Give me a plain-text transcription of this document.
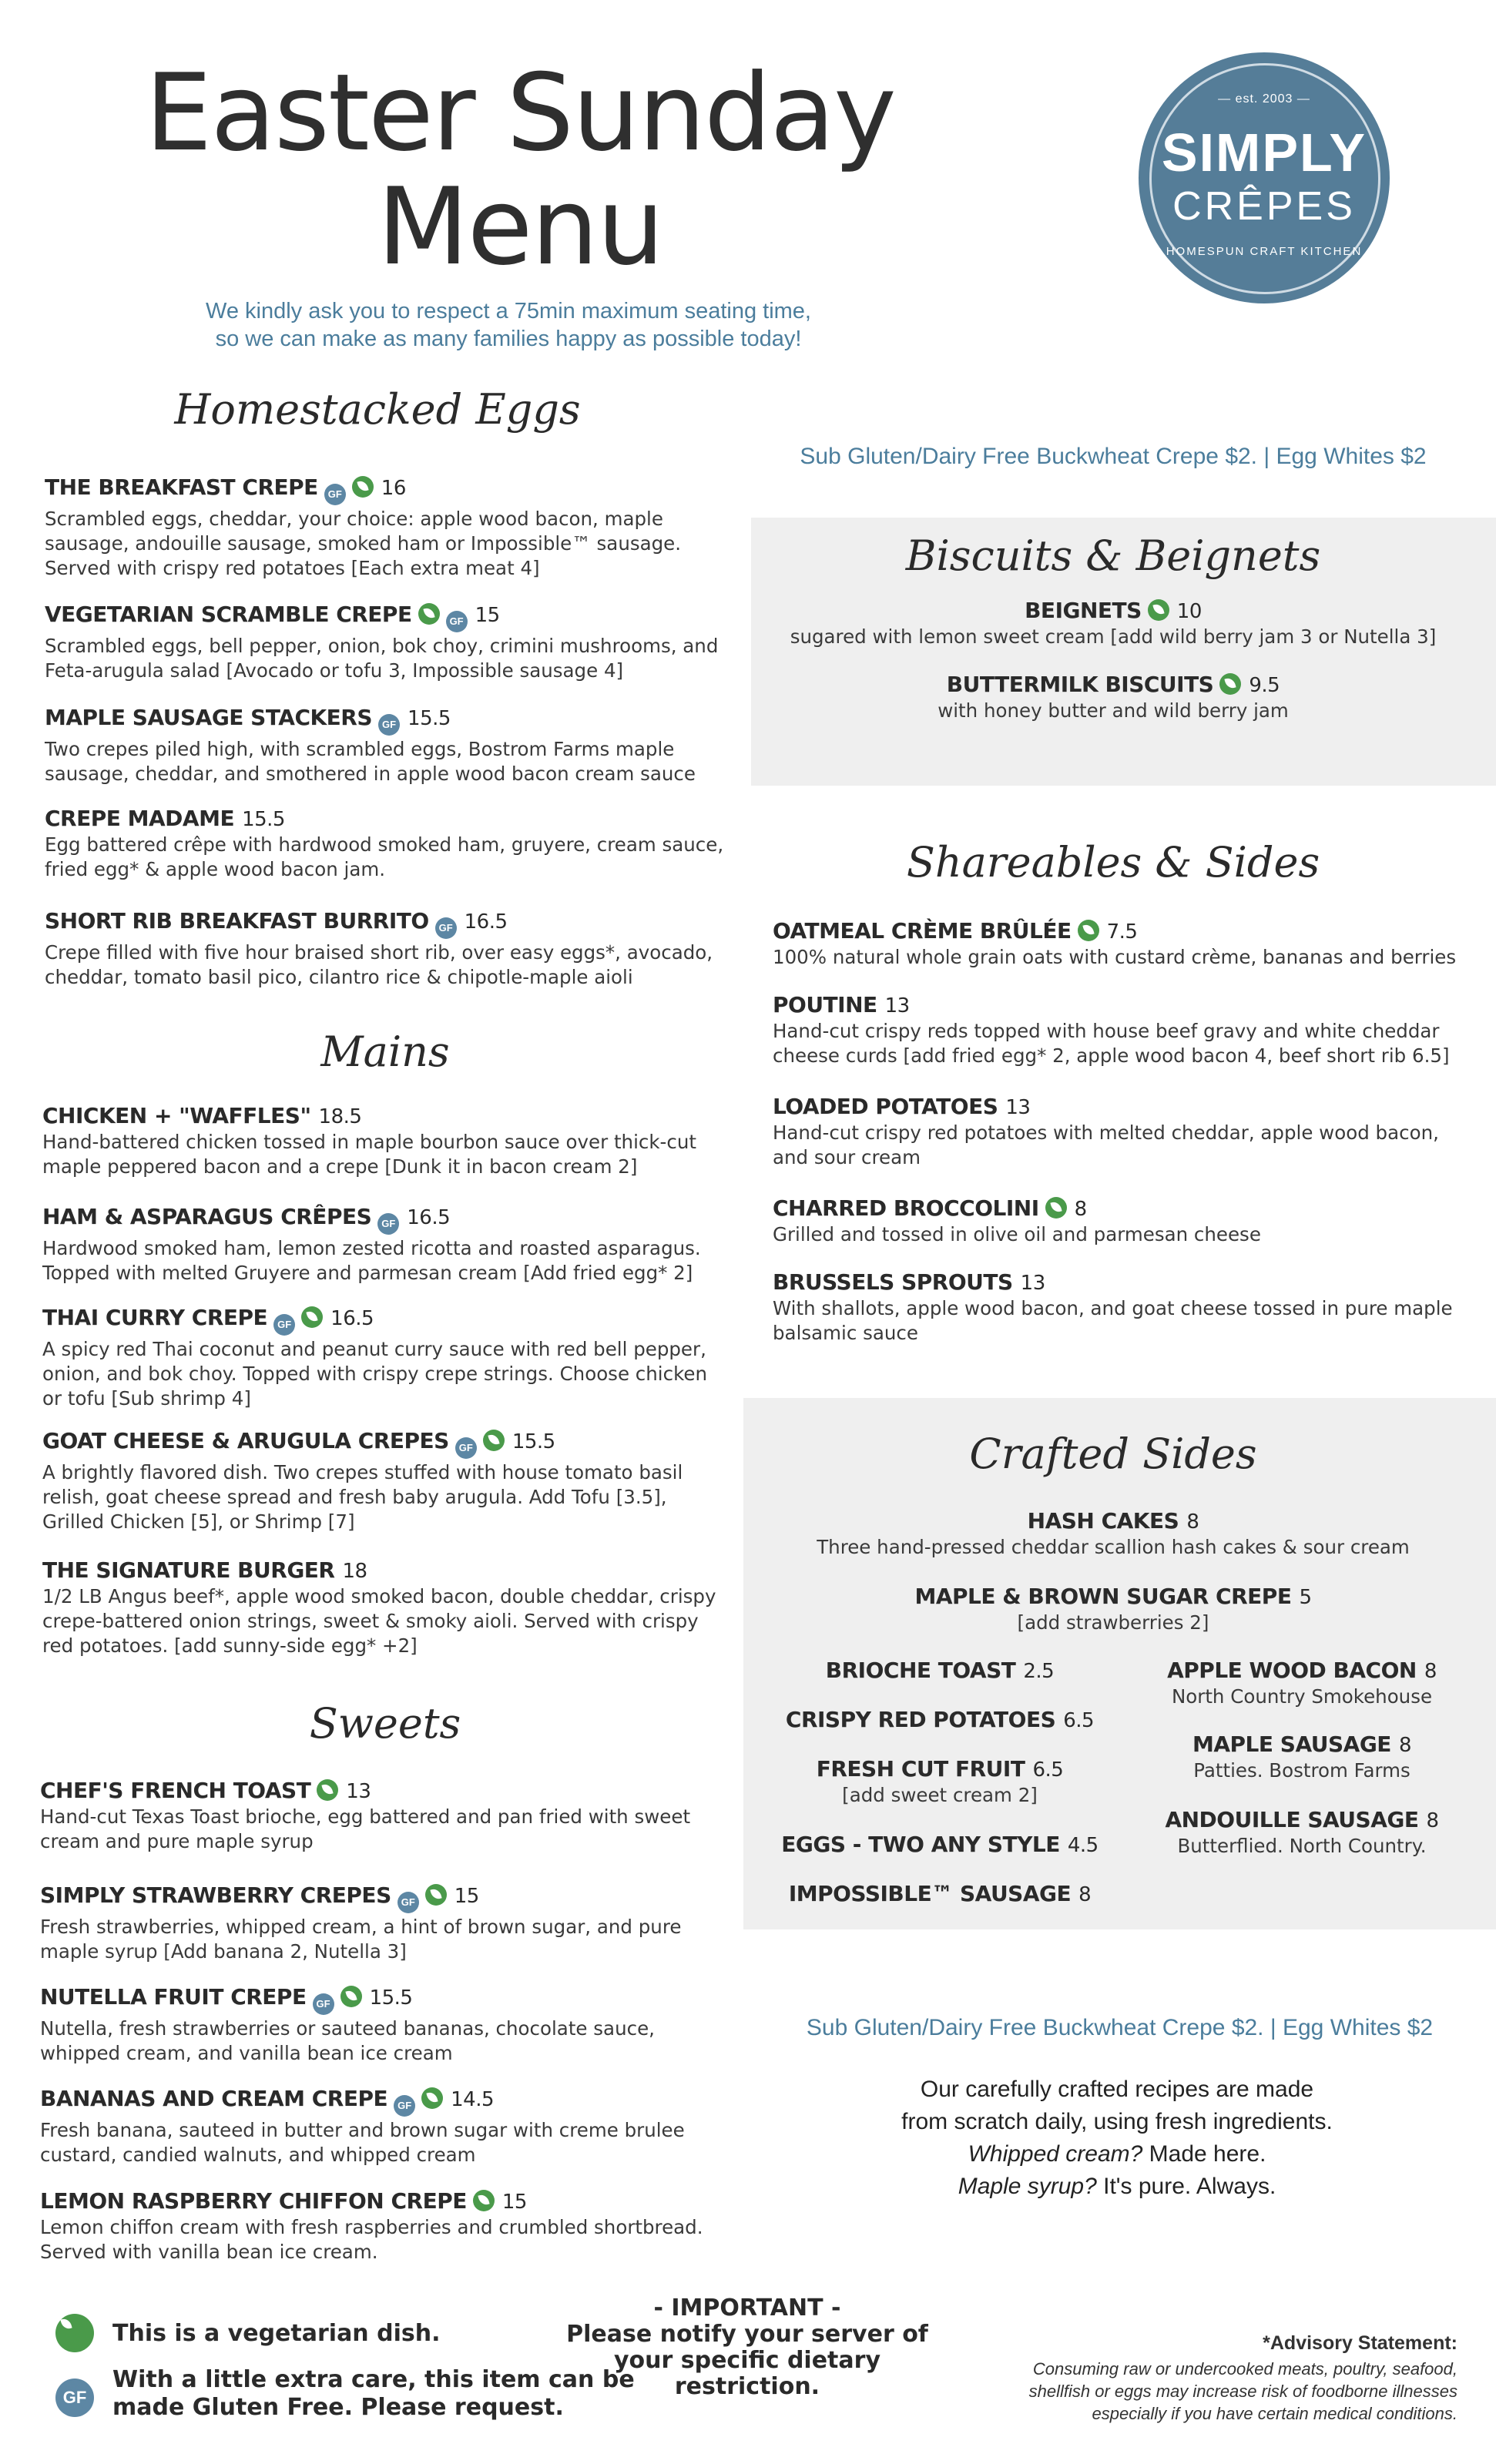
Easter Sunday
Menu
We kindly ask you to respect a 75min maximum seating time,
so we can make as many families happy as possible today!
— est. 2003 —
SIMPLY
CRÊPES
HOMESPUN CRAFT KITCHEN
Homestacked Eggs
THE BREAKFAST CREPE GF 16
Scrambled eggs, cheddar, your choice: apple wood bacon, maple sausage, andouille sausage, smoked ham or Impossible™ sausage. Served with crispy red potatoes [Each extra meat 4]
VEGETARIAN SCRAMBLE CREPE	GF 15
Scrambled eggs, bell pepper, onion, bok choy, crimini mushrooms, and Feta-arugula salad [Avocado or tofu 3, Impossible sausage 4]
MAPLE SAUSAGE STACKERS GF 15.5
Two crepes piled high, with scrambled eggs, Bostrom Farms maple sausage, cheddar, and smothered in apple wood bacon cream sauce
CREPE MADAME 15.5
Egg battered crêpe with hardwood smoked ham, gruyere, cream sauce, fried egg* & apple wood bacon jam.
SHORT RIB BREAKFAST BURRITO GF 16.5
Crepe filled with five hour braised short rib, over easy eggs*, avocado, cheddar, tomato basil pico, cilantro rice & chipotle-maple aioli
Mains
CHICKEN + "WAFFLES" 18.5
Hand-battered chicken tossed in maple bourbon sauce over thick-cut maple peppered bacon and a crepe [Dunk it in bacon cream 2]
HAM & ASPARAGUS CRÊPES GF 16.5
Hardwood smoked ham, lemon zested ricotta and roasted asparagus. Topped with melted Gruyere and parmesan cream [Add fried egg* 2]
THAI CURRY CREPE GF 16.5
A spicy red Thai coconut and peanut curry sauce with red bell pepper, onion, and bok choy. Topped with crispy crepe strings. Choose chicken or tofu [Sub shrimp 4]
GOAT CHEESE & ARUGULA CREPES GF 15.5
A brightly flavored dish. Two crepes stuffed with house tomato basil relish, goat cheese spread and fresh baby arugula. Add Tofu [3.5], Grilled Chicken [5], or Shrimp [7]
THE SIGNATURE BURGER 18
1/2 LB Angus beef*, apple wood smoked bacon, double cheddar, crispy crepe-battered onion strings, sweet & smoky aioli. Served with crispy red potatoes. [add sunny-side egg* +2]
Sweets
CHEF'S FRENCH TOAST 13
Hand-cut Texas Toast brioche, egg battered and pan fried with sweet cream and pure maple syrup
SIMPLY STRAWBERRY CREPES GF 15
Fresh strawberries, whipped cream, a hint of brown sugar, and pure maple syrup [Add banana 2, Nutella 3]
NUTELLA FRUIT CREPE GF 15.5
Nutella, fresh strawberries or sauteed bananas, chocolate sauce, whipped cream, and vanilla bean ice cream
BANANAS AND CREAM CREPE GF 14.5
Fresh banana, sauteed in butter and brown sugar with creme brulee custard, candied walnuts, and whipped cream
LEMON RASPBERRY CHIFFON CREPE 15
Lemon chiffon cream with fresh raspberries and crumbled shortbread. Served with vanilla bean ice cream.
Sub Gluten/Dairy Free Buckwheat Crepe $2. | Egg Whites $2
Biscuits & Beignets
BEIGNETS 10
sugared with lemon sweet cream [add wild berry jam 3 or Nutella 3]
BUTTERMILK BISCUITS 9.5
with honey butter and wild berry jam
Shareables & Sides
OATMEAL CRÈME BRÛLÉE 7.5
100% natural whole grain oats with custard crème, bananas and berries
POUTINE 13
Hand-cut crispy reds topped with house beef gravy and white cheddar cheese curds [add fried egg* 2, apple wood bacon 4, beef short rib 6.5]
LOADED POTATOES 13
Hand-cut crispy red potatoes with melted cheddar, apple wood bacon, and sour cream
CHARRED BROCCOLINI 8
Grilled and tossed in olive oil and parmesan cheese
BRUSSELS SPROUTS 13
With shallots, apple wood bacon, and goat cheese tossed in pure maple balsamic sauce
Crafted Sides
HASH CAKES 8
Three hand-pressed cheddar scallion hash cakes & sour cream
MAPLE & BROWN SUGAR CREPE 5
[add strawberries 2]
BRIOCHE TOAST 2.5
CRISPY RED POTATOES 6.5
FRESH CUT FRUIT 6.5
[add sweet cream 2]
EGGS - TWO ANY STYLE 4.5
IMPOSSIBLE™ SAUSAGE 8
APPLE WOOD BACON 8
North Country Smokehouse
MAPLE SAUSAGE 8
Patties. Bostrom Farms
ANDOUILLE SAUSAGE 8
Butterflied. North Country.
Sub Gluten/Dairy Free Buckwheat Crepe $2. | Egg Whites $2
Our carefully crafted recipes are made
from scratch daily, using fresh ingredients.
Whipped cream? Made here.
Maple syrup? It's pure. Always.
This is a vegetarian dish.
GF
With a little extra care, this item can be
made Gluten Free. Please request.
- IMPORTANT -
Please notify your server of
your specific dietary restriction.
*Advisory Statement:
Consuming raw or undercooked meats, poultry, seafood,
shellfish or eggs may increase risk of foodborne illnesses
especially if you have certain medical conditions.
